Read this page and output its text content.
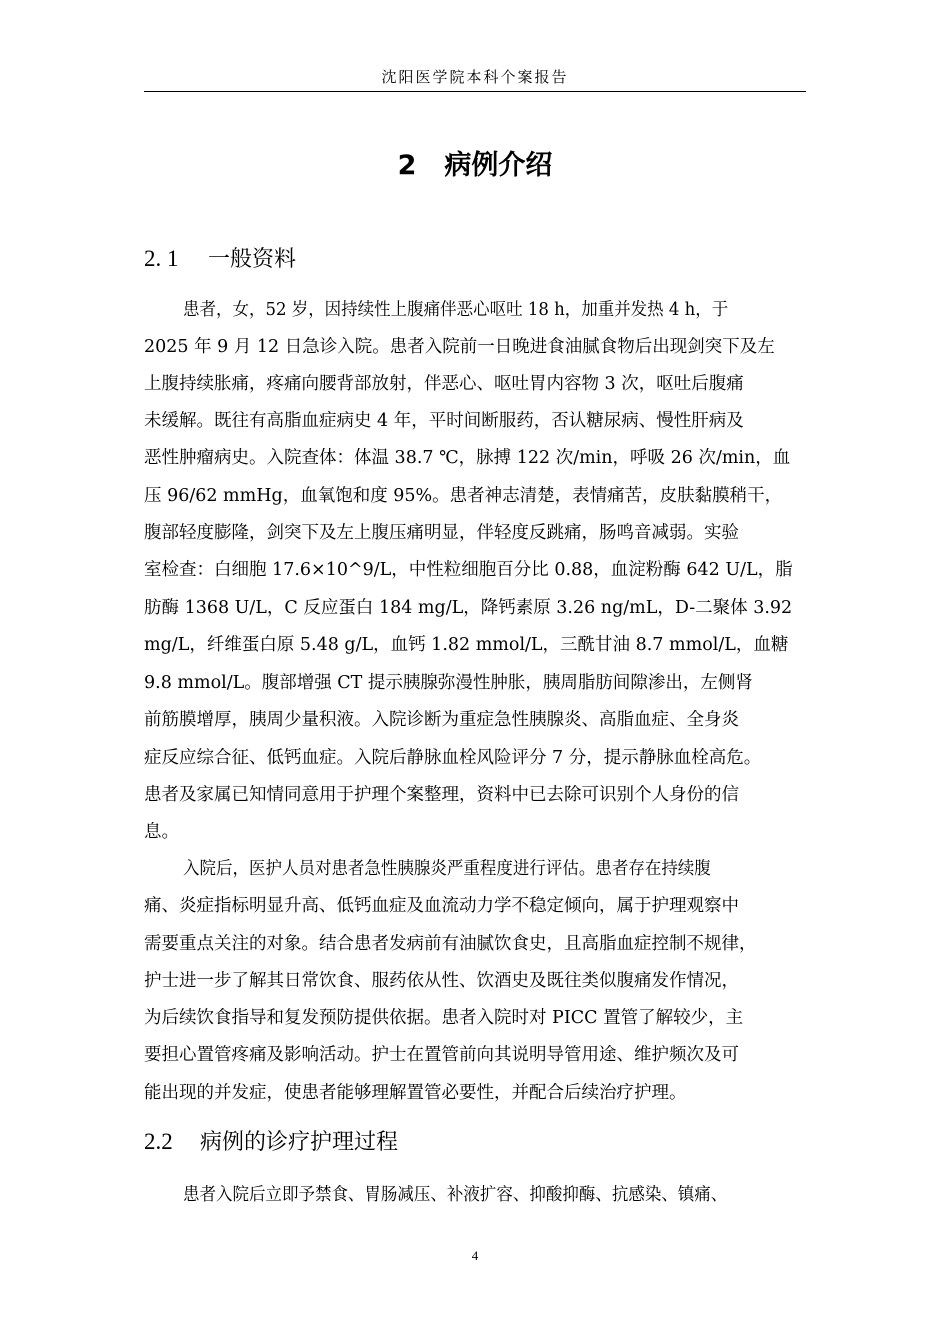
沈阳医学院本科个案报告
2 病例介绍
2. 1 一般资料
患者，女，52 岁，因持续性上腹痛伴恶心呕吐 18 h，加重并发热 4 h，于
2025 年 9 月 12 日急诊入院。患者入院前一日晚进食油腻食物后出现剑突下及左
上腹持续胀痛，疼痛向腰背部放射，伴恶心、呕吐胃内容物 3 次，呕吐后腹痛
未缓解。既往有高脂血症病史 4 年，平时间断服药，否认糖尿病、慢性肝病及
恶性肿瘤病史。入院查体：体温 38.7 ℃，脉搏 122 次/min，呼吸 26 次/min，血
压 96/62 mmHg，血氧饱和度 95%。患者神志清楚，表情痛苦，皮肤黏膜稍干，
腹部轻度膨隆，剑突下及左上腹压痛明显，伴轻度反跳痛，肠鸣音减弱。实验
室检查：白细胞 17.6×10^9/L，中性粒细胞百分比 0.88，血淀粉酶 642 U/L，脂
肪酶 1368 U/L，C 反应蛋白 184 mg/L，降钙素原 3.26 ng/mL，D-二聚体 3.92
mg/L，纤维蛋白原 5.48 g/L，血钙 1.82 mmol/L，三酰甘油 8.7 mmol/L，血糖
9.8 mmol/L。腹部增强 CT 提示胰腺弥漫性肿胀，胰周脂肪间隙渗出，左侧肾
前筋膜增厚，胰周少量积液。入院诊断为重症急性胰腺炎、高脂血症、全身炎
症反应综合征、低钙血症。入院后静脉血栓风险评分 7 分，提示静脉血栓高危。
患者及家属已知情同意用于护理个案整理，资料中已去除可识别个人身份的信
息。
入院后，医护人员对患者急性胰腺炎严重程度进行评估。患者存在持续腹
痛、炎症指标明显升高、低钙血症及血流动力学不稳定倾向，属于护理观察中
需要重点关注的对象。结合患者发病前有油腻饮食史，且高脂血症控制不规律，
护士进一步了解其日常饮食、服药依从性、饮酒史及既往类似腹痛发作情况，
为后续饮食指导和复发预防提供依据。患者入院时对 PICC 置管了解较少，主
要担心置管疼痛及影响活动。护士在置管前向其说明导管用途、维护频次及可
能出现的并发症，使患者能够理解置管必要性，并配合后续治疗护理。
2.2 病例的诊疗护理过程
患者入院后立即予禁食、胃肠减压、补液扩容、抑酸抑酶、抗感染、镇痛、
4
